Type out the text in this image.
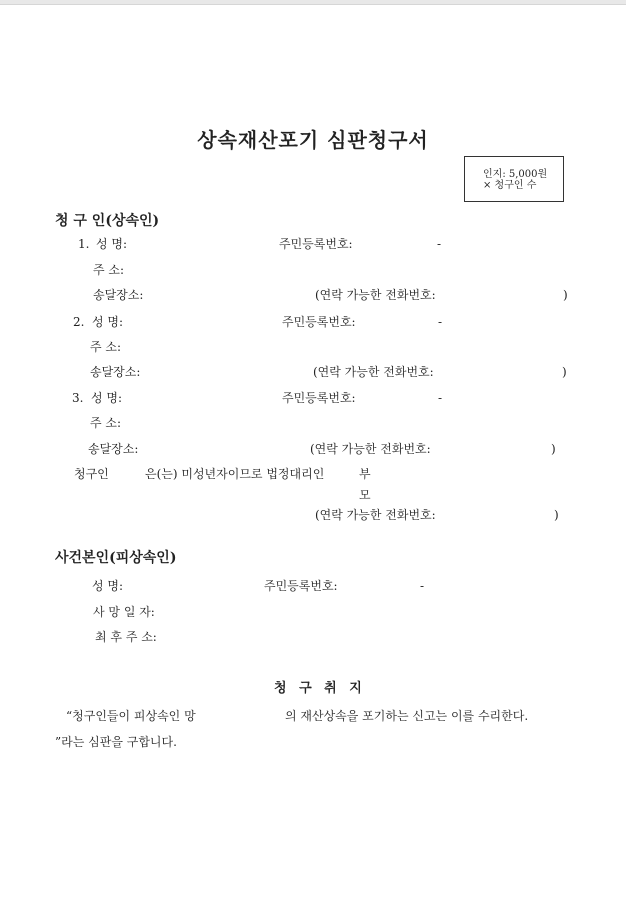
상속재산포기 심판청구서
인지: 5,000원
× 청구인 수
청 구 인(상속인)
1. 성 명:	주민등록번호:	-
주 소:
송달장소:	(연락 가능한 전화번호:	)
2. 성 명:	주민등록번호:	-
주 소:
송달장소:	(연락 가능한 전화번호:	)
3. 성 명:	주민등록번호:	-
주 소:
송달장소:	(연락 가능한 전화번호:	)
청구인	은(는) 미성년자이므로 법정대리인	부
모
(연락 가능한 전화번호:	)
사건본인(피상속인)
성 명:	주민등록번호:	-
사 망 일 자:
최 후 주 소:
청 구 취 지
“청구인들이 피상속인 망	의 재산상속을 포기하는 신고는 이를 수리한다.
”라는 심판을 구합니다.
